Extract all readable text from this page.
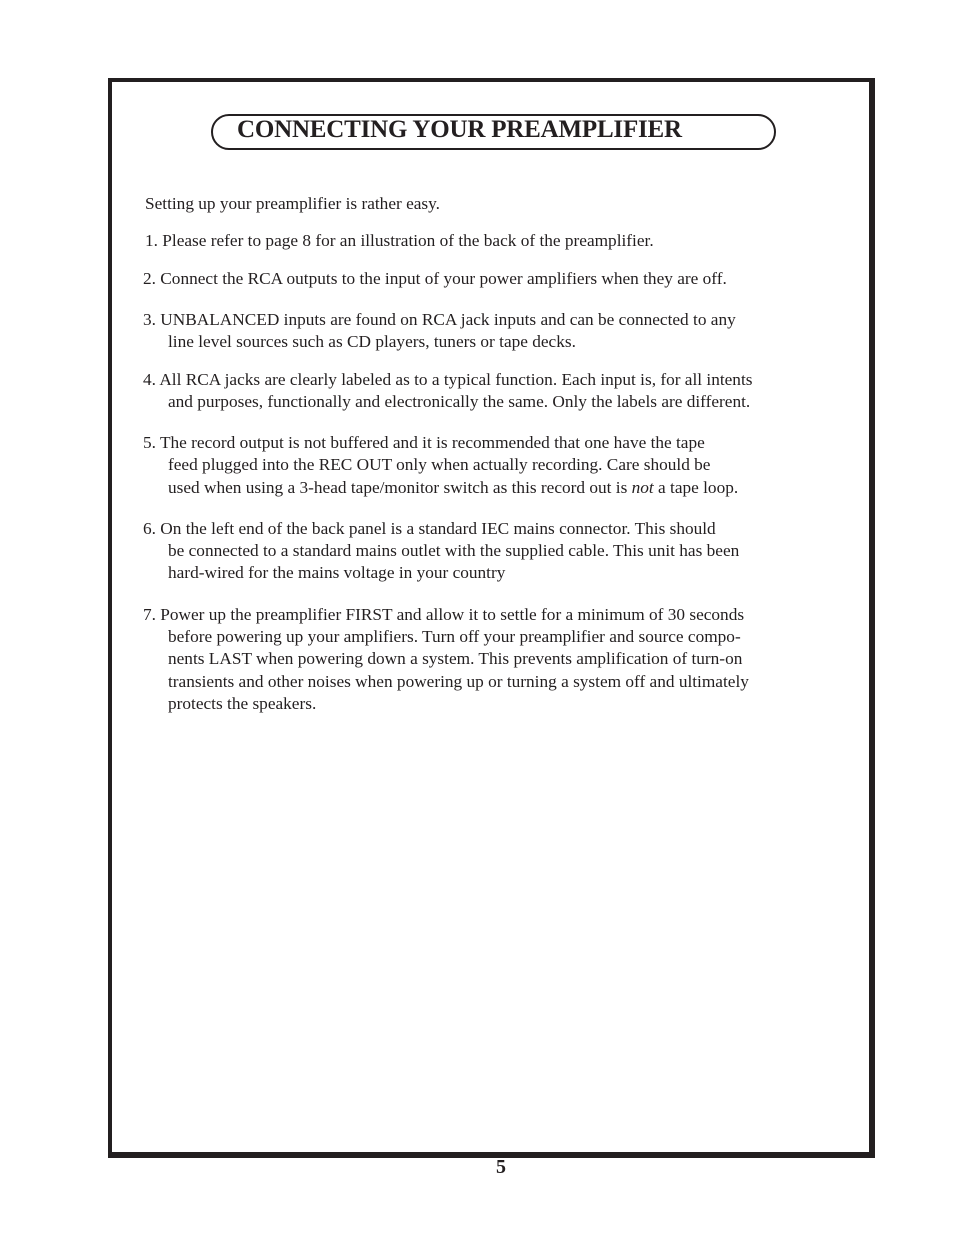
CONNECTING YOUR PREAMPLIFIER
Setting up your preamplifier is rather easy.
1. Please refer to page 8 for an illustration of the back of the preamplifier.
2. Connect the RCA outputs to the input of your power amplifiers when they are off.
3. UNBALANCED inputs are found on RCA jack inputs and can be connected to any
line level sources such as CD players, tuners or tape decks.
4. All RCA jacks are clearly labeled as to a typical function. Each input is, for all intents
and purposes, functionally and electronically the same. Only the labels are different.
5. The record output is not buffered and it is recommended that one have the tape
feed plugged into the REC OUT only when actually recording. Care should be
used when using a 3-head tape/monitor switch as this record out is not a tape loop.
6. On the left end of the back panel is a standard IEC mains connector. This should
be connected to a standard mains outlet with the supplied cable. This unit has been
hard-wired for the mains voltage in your country
7. Power up the preamplifier FIRST and allow it to settle for a minimum of 30 seconds
before powering up your amplifiers. Turn off your preamplifier and source compo-
nents LAST when powering down a system. This prevents amplification of turn-on
transients and other noises when powering up or turning a system off and ultimately
protects the speakers.
5
